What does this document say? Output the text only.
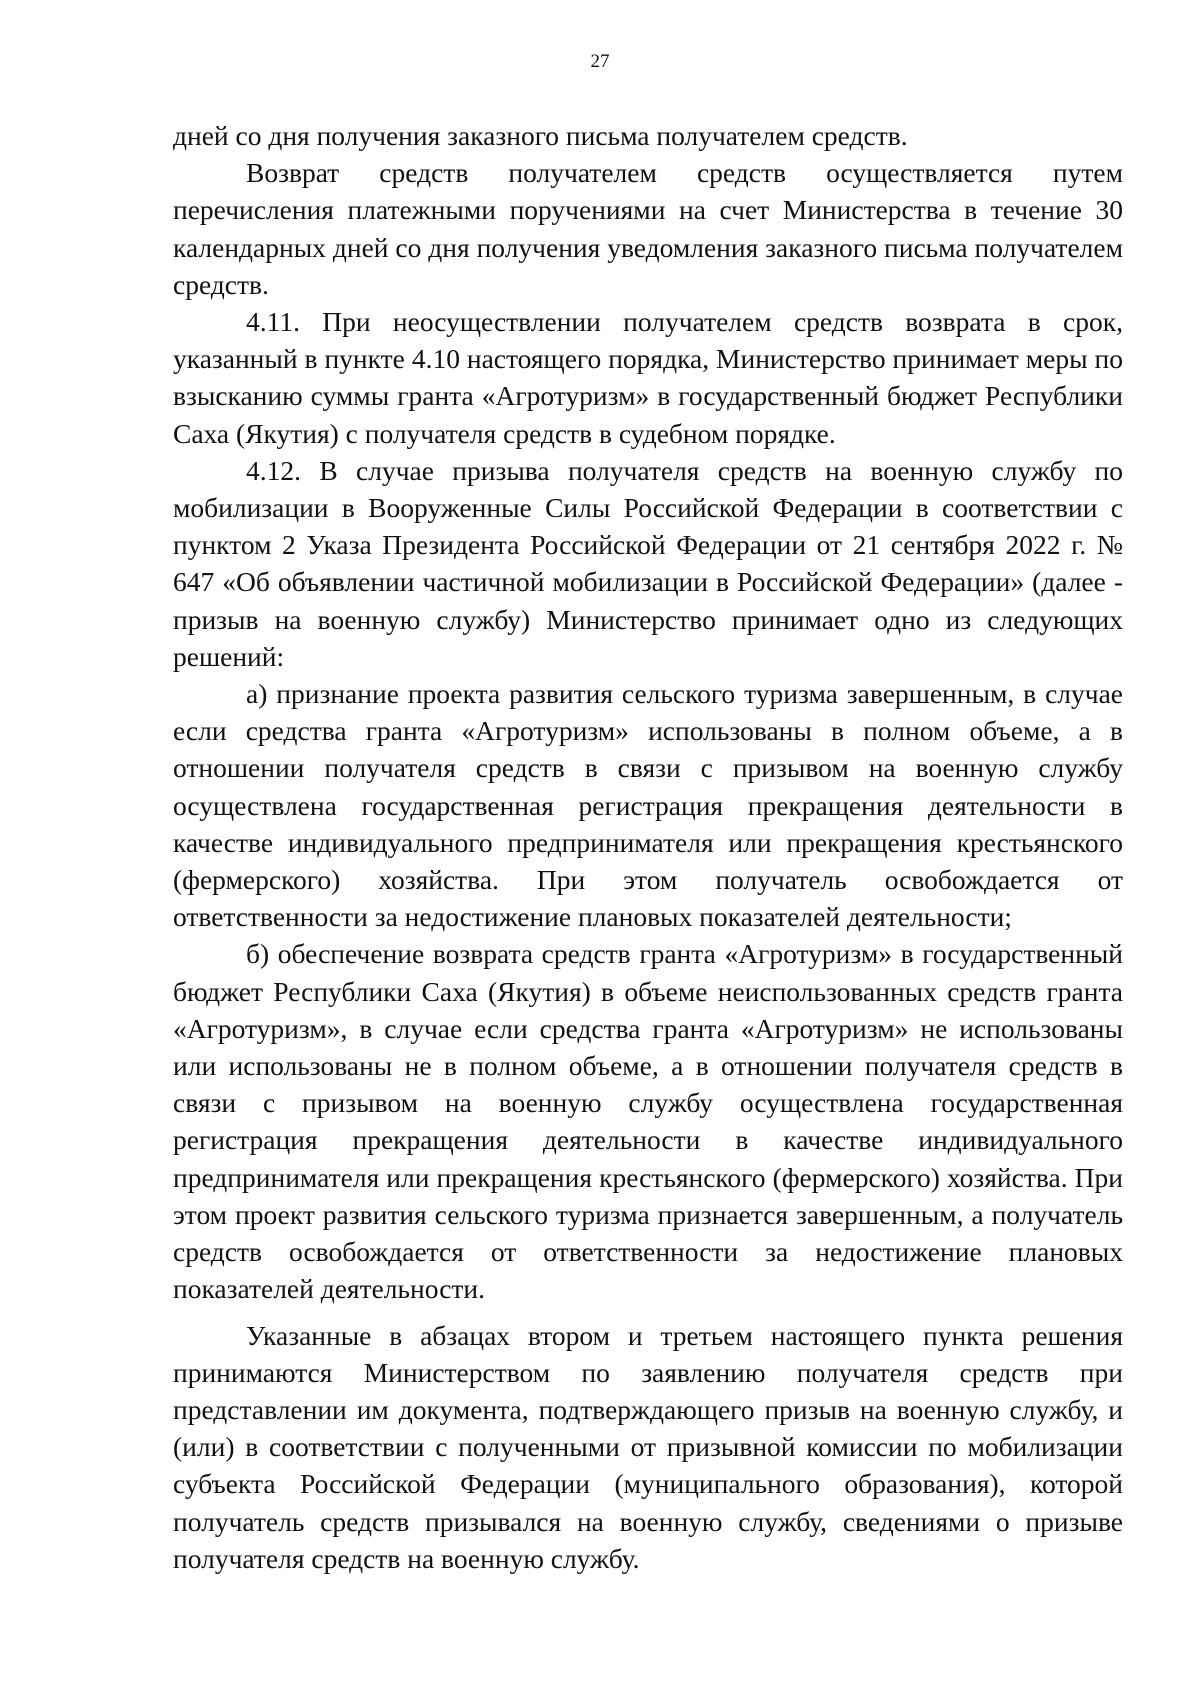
27

дней со дня получения заказного письма получателем средств.

Возврат средств получателем средств осуществляется путем перечисления платежными поручениями на счет Министерства в течение 30 календарных дней со дня получения уведомления заказного письма получателем средств.

4.11. При неосуществлении получателем средств возврата в срок, указанный в пункте 4.10 настоящего порядка, Министерство принимает меры по взысканию суммы гранта «Агротуризм» в государственный бюджет Республики Саха (Якутия) с получателя средств в судебном порядке.

4.12. В случае призыва получателя средств на военную службу по мобилизации в Вооруженные Силы Российской Федерации в соответствии с пунктом 2 Указа Президента Российской Федерации от 21 сентября 2022 г. № 647 «Об объявлении частичной мобилизации в Российской Федерации» (далее - призыв на военную службу) Министерство принимает одно из следующих решений:

а) признание проекта развития сельского туризма завершенным, в случае если средства гранта «Агротуризм» использованы в полном объеме, а в отношении получателя средств в связи с призывом на военную службу осуществлена государственная регистрация прекращения деятельности в качестве индивидуального предпринимателя или прекращения крестьянского (фермерского) хозяйства. При этом получатель освобождается от ответственности за недостижение плановых показателей деятельности;

б) обеспечение возврата средств гранта «Агротуризм» в государственный бюджет Республики Саха (Якутия) в объеме неиспользованных средств гранта «Агротуризм», в случае если средства гранта «Агротуризм» не использованы или использованы не в полном объеме, а в отношении получателя средств в связи с призывом на военную службу осуществлена государственная регистрация прекращения деятельности в качестве индивидуального предпринимателя или прекращения крестьянского (фермерского) хозяйства. При этом проект развития сельского туризма признается завершенным, а получатель средств освобождается от ответственности за недостижение плановых показателей деятельности.

Указанные в абзацах втором и третьем настоящего пункта решения принимаются Министерством по заявлению получателя средств при представлении им документа, подтверждающего призыв на военную службу, и (или) в соответствии с полученными от призывной комиссии по мобилизации субъекта Российской Федерации (муниципального образования), которой получатель средств призывался на военную службу, сведениями о призыве получателя средств на военную службу.
